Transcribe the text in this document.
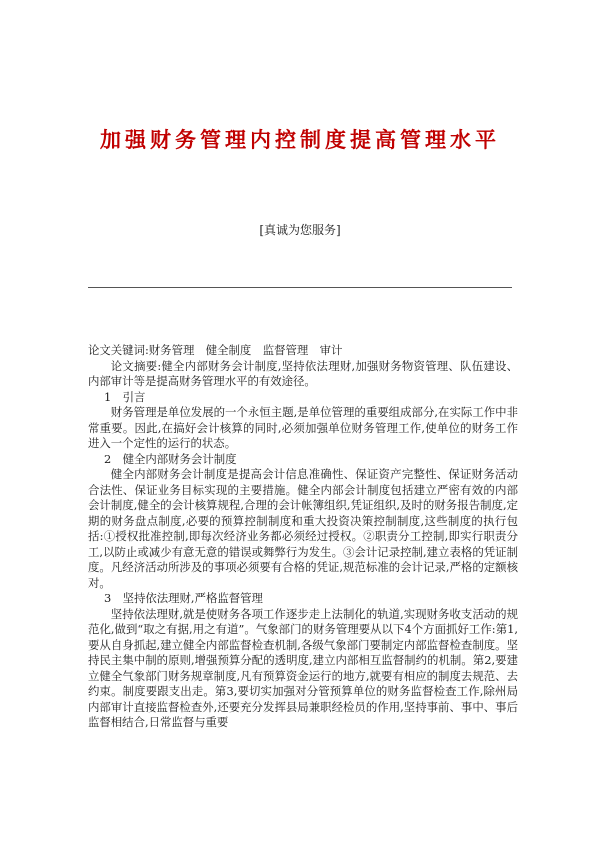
加强财务管理内控制度提高管理水平
[真诚为您服务]

论文关键词:财务管理　健全制度　监督管理　审计

论文摘要:健全内部财务会计制度,坚持依法理财,加强财务物资管理、队伍建设、内部审计等是提高财务管理水平的有效途径。

1　引言

财务管理是单位发展的一个永恒主题,是单位管理的重要组成部分,在实际工作中非常重要。因此,在搞好会计核算的同时,必须加强单位财务管理工作,使单位的财务工作进入一个定性的运行的状态。

2　健全内部财务会计制度

健全内部财务会计制度是提高会计信息准确性、保证资产完整性、保证财务活动合法性、保证业务目标实现的主要措施。健全内部会计制度包括建立严密有效的内部会计制度,健全的会计核算规程,合理的会计帐簿组织,凭证组织,及时的财务报告制度,定期的财务盘点制度,必要的预算控制制度和重大投资决策控制制度,这些制度的执行包括:①授权批准控制,即每次经济业务都必须经过授权。②职责分工控制,即实行职责分工,以防止或减少有意无意的错误或舞弊行为发生。③会计记录控制,建立表格的凭证制度。凡经济活动所涉及的事项必须要有合格的凭证,规范标准的会计记录,严格的定额核对。

3　坚持依法理财,严格监督管理

坚持依法理财,就是使财务各项工作逐步走上法制化的轨道,实现财务收支活动的规范化,做到“取之有据,用之有道”。气象部门的财务管理要从以下4个方面抓好工作:第1,要从自身抓起,建立健全内部监督检查机制,各级气象部门要制定内部监督检查制度。坚持民主集中制的原则,增强预算分配的透明度,建立内部相互监督制约的机制。第2,要建立健全气象部门财务规章制度,凡有预算资金运行的地方,就要有相应的制度去规范、去约束。制度要跟支出走。第3,要切实加强对分管预算单位的财务监督检查工作,除州局内部审计直接监督检查外,还要充分发挥县局兼职经检员的作用,坚持事前、事中、事后监督相结合,日常监督与重要
